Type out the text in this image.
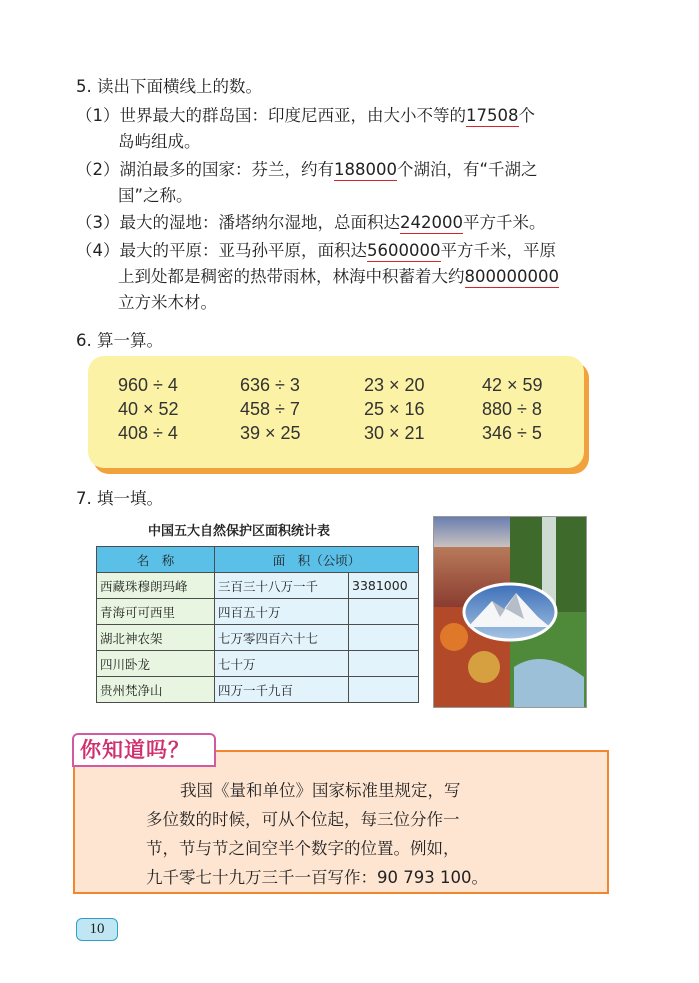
5. 读出下面横线上的数。
（1）世界最大的群岛国：印度尼西亚，由大小不等的17508个
岛屿组成。
（2）湖泊最多的国家：芬兰，约有188000个湖泊，有“千湖之
国”之称。
（3）最大的湿地：潘塔纳尔湿地，总面积达242000平方千米。
（4）最大的平原：亚马孙平原，面积达5600000平方千米，平原
上到处都是稠密的热带雨林，林海中积蓄着大约800000000
立方米木材。
6. 算一算。
960 ÷ 4	636 ÷ 3	23 × 20	42 × 59
40 × 52	458 ÷ 7	25 × 16	880 ÷ 8
408 ÷ 4	39 × 25	30 × 21	346 ÷ 5
7. 填一填。
中国五大自然保护区面积统计表
名　称	面　积（公顷）	
西藏珠穆朗玛峰	三百三十八万一千	3381000
青海可可西里	四百五十万	
湖北神农架	七万零四百六十七	
四川卧龙	七十万	
贵州梵净山	四万一千九百	
你知道吗？
我国《量和单位》国家标准里规定，写
多位数的时候，可从个位起，每三位分作一
节，节与节之间空半个数字的位置。例如，
九千零七十九万三千一百写作：90 793 100。
10
